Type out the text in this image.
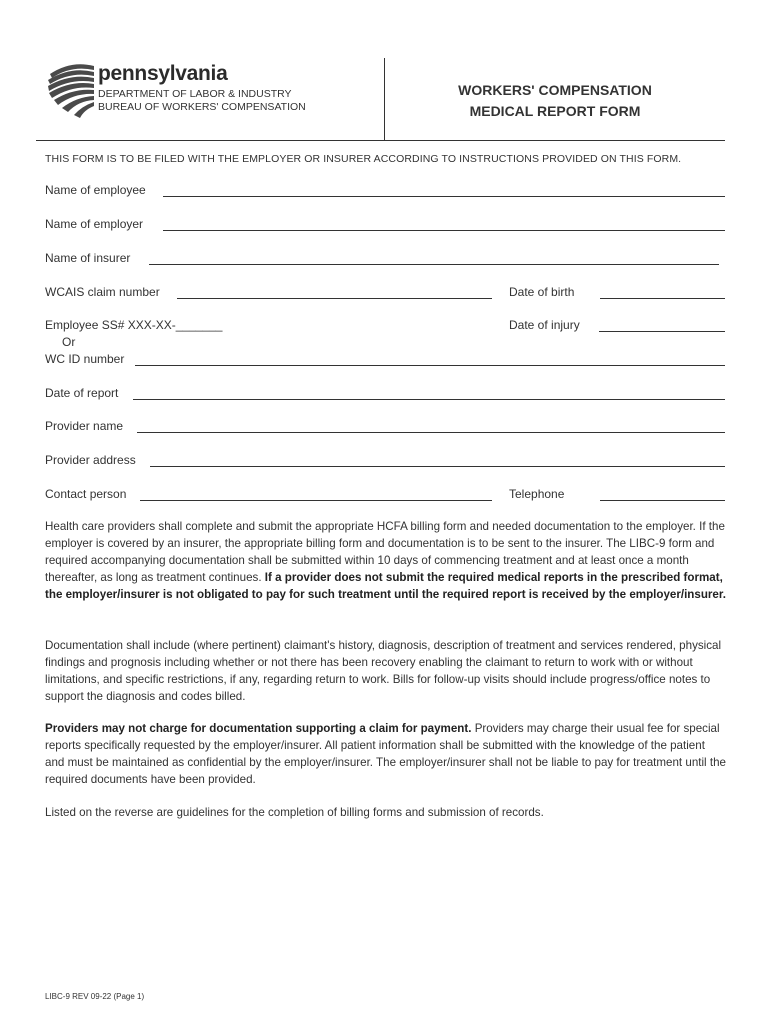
pennsylvania
DEPARTMENT OF LABOR & INDUSTRY
BUREAU OF WORKERS' COMPENSATION
WORKERS' COMPENSATION
MEDICAL REPORT FORM
THIS FORM IS TO BE FILED WITH THE EMPLOYER OR INSURER ACCORDING TO INSTRUCTIONS PROVIDED ON THIS FORM.
Name of employee
Name of employer
Name of insurer
WCAIS claim number	Date of birth
Employee SS# XXX-XX-_______
Or
WC ID number
Date of injury
Date of report
Provider name
Provider address
Contact person	Telephone
Health care providers shall complete and submit the appropriate HCFA billing form and needed documentation to the employer. If the employer is covered by an insurer, the appropriate billing form and documentation is to be sent to the insurer. The LIBC-9 form and required accompanying documentation shall be submitted within 10 days of commencing treatment and at least once a month thereafter, as long as treatment continues. If a provider does not submit the required medical reports in the prescribed format, the employer/insurer is not obligated to pay for such treatment until the required report is received by the employer/insurer.
Documentation shall include (where pertinent) claimant's history, diagnosis, description of treatment and services rendered, physical findings and prognosis including whether or not there has been recovery enabling the claimant to return to work with or without limitations, and specific restrictions, if any, regarding return to work. Bills for follow-up visits should include progress/office notes to support the diagnosis and codes billed.
Providers may not charge for documentation supporting a claim for payment. Providers may charge their usual fee for special reports specifically requested by the employer/insurer. All patient information shall be submitted with the knowledge of the patient and must be maintained as confidential by the employer/insurer. The employer/insurer shall not be liable to pay for treatment until the required documents have been provided.
Listed on the reverse are guidelines for the completion of billing forms and submission of records.
LIBC-9 REV 09-22 (Page 1)
